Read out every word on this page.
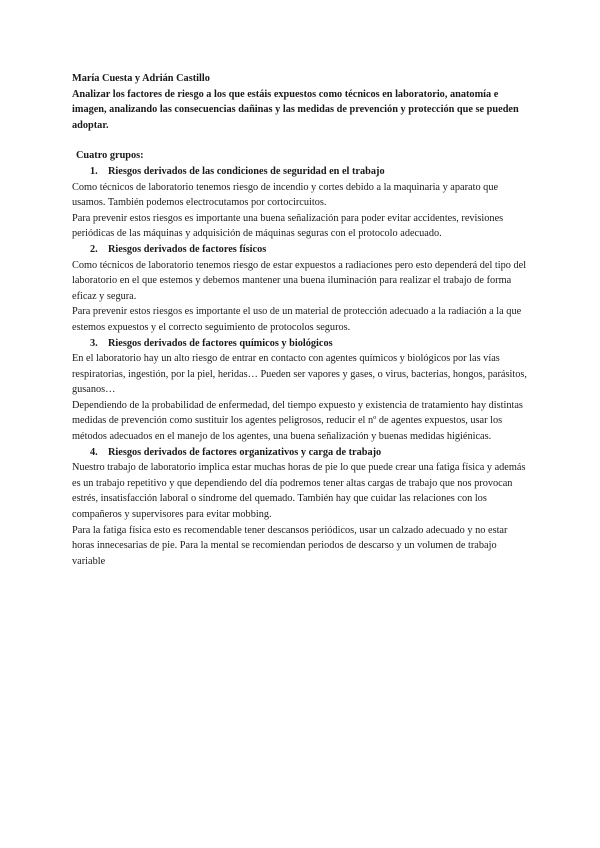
María Cuesta y Adrián Castillo

Analizar los factores de riesgo a los que estáis expuestos como técnicos en laboratorio, anatomía e imagen, analizando las consecuencias dañinas y las medidas de prevención y protección que se pueden adoptar.

Cuatro grupos:

1. Riesgos derivados de las condiciones de seguridad en el trabajo

Como técnicos de laboratorio tenemos riesgo de incendio y cortes debido a la maquinaria y aparato que usamos. También podemos electrocutamos por cortocircuitos.

Para prevenir estos riesgos es importante una buena señalización para poder evitar accidentes, revisiones periódicas de las máquinas y adquisición de máquinas seguras con el protocolo adecuado.

2. Riesgos derivados de factores físicos

Como técnicos de laboratorio tenemos riesgo de estar expuestos a radiaciones pero esto dependerá del tipo del laboratorio en el que estemos y debemos mantener una buena iluminación para realizar el trabajo de forma eficaz y segura.

Para prevenir estos riesgos es importante el uso de un material de protección adecuado a la radiación a la que estemos expuestos y el correcto seguimiento de protocolos seguros.

3. Riesgos derivados de factores químicos y biológicos

En el laboratorio hay un alto riesgo de entrar en contacto con agentes químicos y biológicos por las vías respiratorias, ingestión, por la piel, heridas… Pueden ser vapores y gases, o virus, bacterias, hongos, parásitos, gusanos…

Dependiendo de la probabilidad de enfermedad, del tiempo expuesto y existencia de tratamiento hay distintas medidas de prevención como sustituir los agentes peligrosos, reducir el nº de agentes expuestos, usar los métodos adecuados en el manejo de los agentes, una buena señalización y buenas medidas higiénicas.

4. Riesgos derivados de factores organizativos y carga de trabajo

Nuestro trabajo de laboratorio implica estar muchas horas de pie lo que puede crear una fatiga física y además es un trabajo repetitivo y que dependiendo del día podremos tener altas cargas de trabajo que nos provocan estrés, insatisfacción laboral o síndrome del quemado. También hay que cuidar las relaciones con los compañeros y supervisores para evitar mobbing.

Para la fatiga física esto es recomendable tener descansos periódicos, usar un calzado adecuado y no estar horas innecesarias de pie. Para la mental se recomiendan periodos de descarso y un volumen de trabajo variable
